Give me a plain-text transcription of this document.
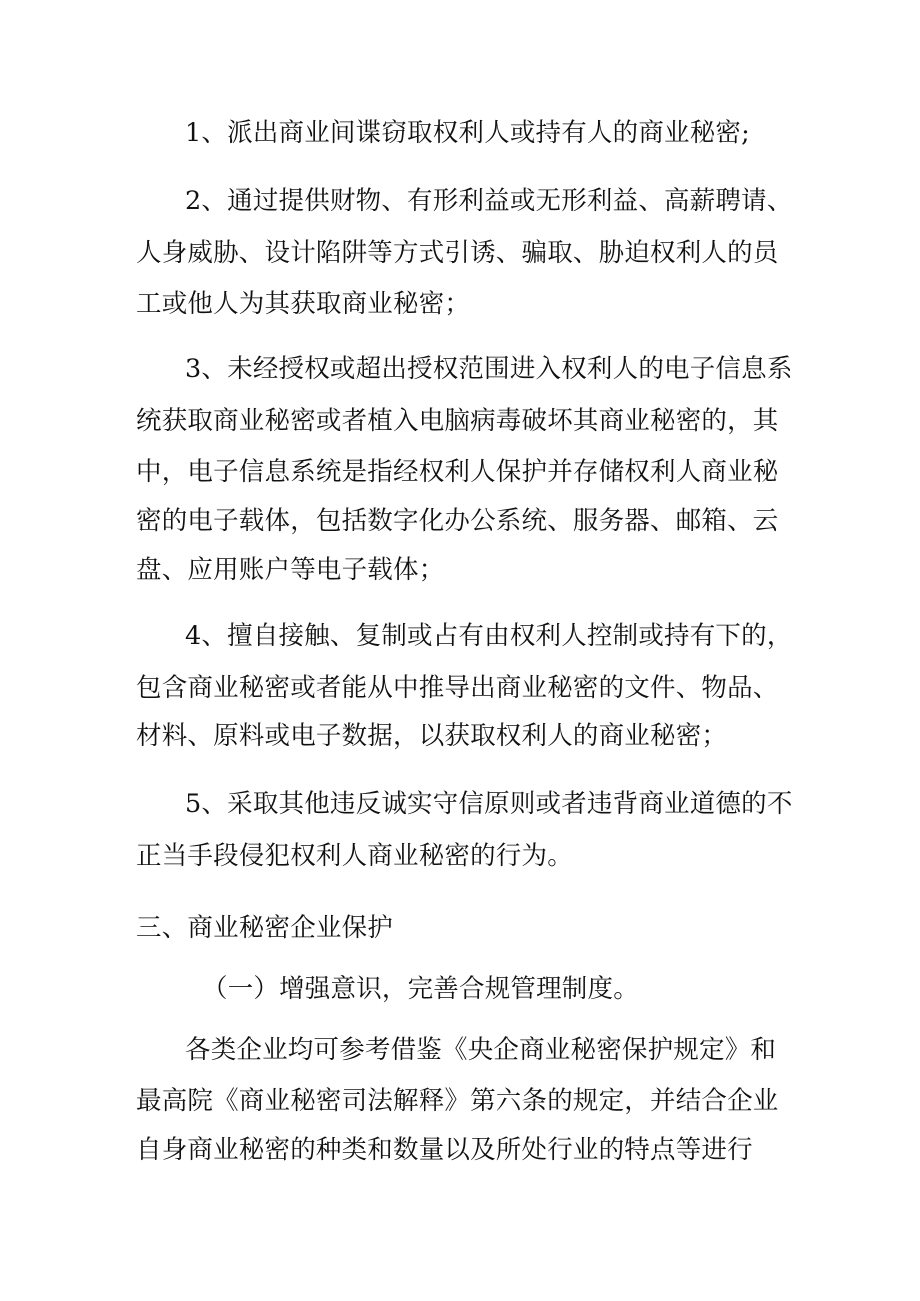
1、派出商业间谍窃取权利人或持有人的商业秘密;
2、通过提供财物、有形利益或无形利益、高薪聘请、
人身威胁、设计陷阱等方式引诱、骗取、胁迫权利人的员
工或他人为其获取商业秘密；
3、未经授权或超出授权范围进入权利人的电子信息系
统获取商业秘密或者植入电脑病毒破坏其商业秘密的，其
中，电子信息系统是指经权利人保护并存储权利人商业秘
密的电子载体，包括数字化办公系统、服务器、邮箱、云
盘、应用账户等电子载体；
4、擅自接触、复制或占有由权利人控制或持有下的，
包含商业秘密或者能从中推导出商业秘密的文件、物品、
材料、原料或电子数据，以获取权利人的商业秘密；
5、采取其他违反诚实守信原则或者违背商业道德的不
正当手段侵犯权利人商业秘密的行为。
三、商业秘密企业保护
（一）增强意识，完善合规管理制度。
各类企业均可参考借鉴《央企商业秘密保护规定》和
最高院《商业秘密司法解释》第六条的规定，并结合企业
自身商业秘密的种类和数量以及所处行业的特点等进行
